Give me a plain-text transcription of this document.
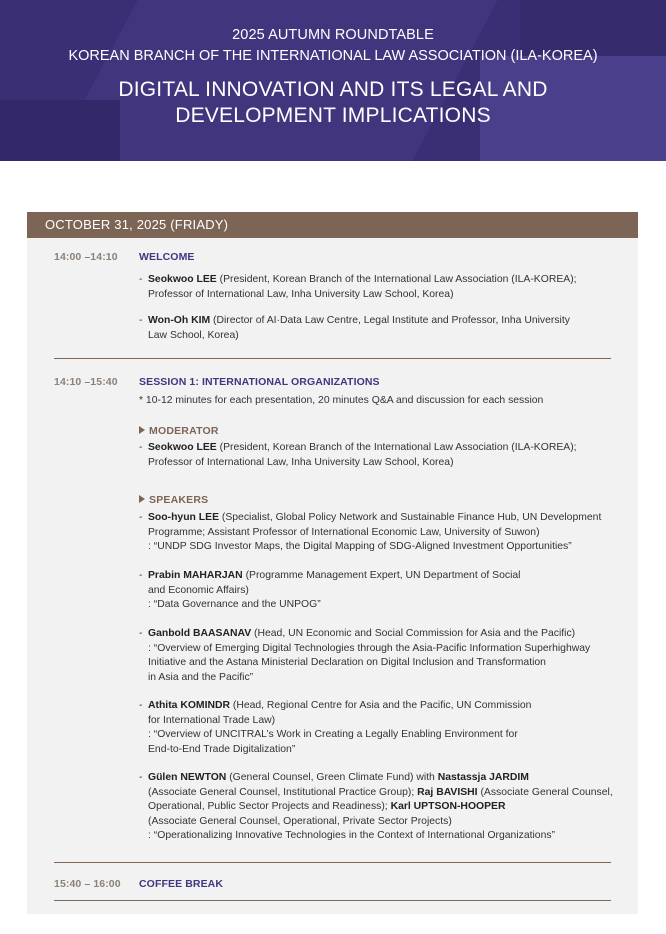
2025 AUTUMN ROUNDTABLE
KOREAN BRANCH OF THE INTERNATIONAL LAW ASSOCIATION (ILA-KOREA)
DIGITAL INNOVATION AND ITS LEGAL AND
DEVELOPMENT IMPLICATIONS
OCTOBER 31, 2025 (FRIADY)
14:00 –14:10 WELCOME
- Seokwoo LEE (President, Korean Branch of the International Law Association (ILA-KOREA);
Professor of International Law, Inha University Law School, Korea)
- Won-Oh KIM (Director of AI·Data Law Centre, Legal Institute and Professor, Inha University
Law School, Korea)
14:10 –15:40 SESSION 1: INTERNATIONAL ORGANIZATIONS
* 10-12 minutes for each presentation, 20 minutes Q&A and discussion for each session
MODERATOR
- Seokwoo LEE (President, Korean Branch of the International Law Association (ILA-KOREA);
Professor of International Law, Inha University Law School, Korea)
SPEAKERS
- Soo-hyun LEE (Specialist, Global Policy Network and Sustainable Finance Hub, UN Development
Programme; Assistant Professor of International Economic Law, University of Suwon)
: “UNDP SDG Investor Maps, the Digital Mapping of SDG-Aligned Investment Opportunities”
- Prabin MAHARJAN (Programme Management Expert, UN Department of Social
and Economic Affairs)
: “Data Governance and the UNPOG”
- Ganbold BAASANAV (Head, UN Economic and Social Commission for Asia and the Pacific)
: “Overview of Emerging Digital Technologies through the Asia-Pacific Information Superhighway
Initiative and the Astana Ministerial Declaration on Digital Inclusion and Transformation
in Asia and the Pacific”
- Athita KOMINDR (Head, Regional Centre for Asia and the Pacific, UN Commission
for International Trade Law)
: “Overview of UNCITRAL’s Work in Creating a Legally Enabling Environment for
End-to-End Trade Digitalization”
- Gülen NEWTON (General Counsel, Green Climate Fund) with Nastassja JARDIM
(Associate General Counsel, Institutional Practice Group); Raj BAVISHI (Associate General Counsel,
Operational, Public Sector Projects and Readiness); Karl UPTSON-HOOPER
(Associate General Counsel, Operational, Private Sector Projects)
: “Operationalizing Innovative Technologies in the Context of International Organizations”
15:40 – 16:00 COFFEE BREAK
